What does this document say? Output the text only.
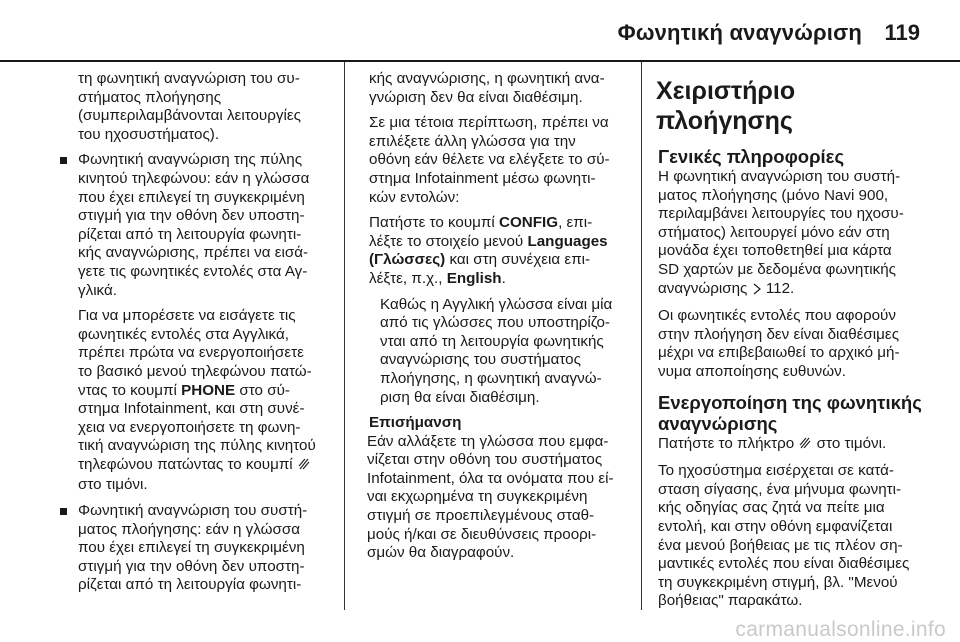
Φωνητική αναγνώριση 119

τη φωνητική αναγνώριση του συ-
στήματος πλοήγησης
(συμπεριλαμβάνονται λειτουργίες
του ηχοσυστήματος).

Φωνητική αναγνώριση της πύλης
κινητού τηλεφώνου: εάν η γλώσσα
που έχει επιλεγεί τη συγκεκριμένη
στιγμή για την οθόνη δεν υποστη-
ρίζεται από τη λειτουργία φωνητι-
κής αναγνώρισης, πρέπει να εισά-
γετε τις φωνητικές εντολές στα Αγ-
γλικά.

Για να μπορέσετε να εισάγετε τις
φωνητικές εντολές στα Αγγλικά,
πρέπει πρώτα να ενεργοποιήσετε
το βασικό μενού τηλεφώνου πατώ-
ντας το κουμπί PHONE στο σύ-
στημα Infotainment, και στη συνέ-
χεια να ενεργοποιήσετε τη φωνη-
τική αναγνώριση της πύλης κινητού
τηλεφώνου πατώντας το κουμπί
στο τιμόνι.

Φωνητική αναγνώριση του συστή-
ματος πλοήγησης: εάν η γλώσσα
που έχει επιλεγεί τη συγκεκριμένη
στιγμή για την οθόνη δεν υποστη-
ρίζεται από τη λειτουργία φωνητι-

κής αναγνώρισης, η φωνητική ανα-
γνώριση δεν θα είναι διαθέσιμη.

Σε μια τέτοια περίπτωση, πρέπει να
επιλέξετε άλλη γλώσσα για την
οθόνη εάν θέλετε να ελέγξετε το σύ-
στημα Infotainment μέσω φωνητι-
κών εντολών:

Πατήστε το κουμπί CONFIG, επι-
λέξτε το στοιχείο μενού Languages
(Γλώσσες) και στη συνέχεια επι-
λέξτε, π.χ., English.

Καθώς η Αγγλική γλώσσα είναι μία
από τις γλώσσες που υποστηρίζο-
νται από τη λειτουργία φωνητικής
αναγνώρισης του συστήματος
πλοήγησης, η φωνητική αναγνώ-
ριση θα είναι διαθέσιμη.

Επισήμανση

Εάν αλλάξετε τη γλώσσα που εμφα-
νίζεται στην οθόνη του συστήματος
Infotainment, όλα τα ονόματα που εί-
ναι εκχωρημένα τη συγκεκριμένη
στιγμή σε προεπιλεγμένους σταθ-
μούς ή/και σε διευθύνσεις προορι-
σμών θα διαγραφούν.

Χειριστήριο πλοήγησης
Γενικές πληροφορίες

Η φωνητική αναγνώριση του συστή-
ματος πλοήγησης (μόνο Navi 900,
περιλαμβάνει λειτουργίες του ηχοσυ-
στήματος) λειτουργεί μόνο εάν στη
μονάδα έχει τοποθετηθεί μια κάρτα
SD χαρτών με δεδομένα φωνητικής
αναγνώρισης  112.

Οι φωνητικές εντολές που αφορούν
στην πλοήγηση δεν είναι διαθέσιμες
μέχρι να επιβεβαιωθεί το αρχικό μή-
νυμα αποποίησης ευθυνών.

Ενεργοποίηση της φωνητικής
αναγνώρισης

Πατήστε το πλήκτρο  στο τιμόνι.

Το ηχοσύστημα εισέρχεται σε κατά-
σταση σίγασης, ένα μήνυμα φωνητι-
κής οδηγίας σας ζητά να πείτε μια
εντολή, και στην οθόνη εμφανίζεται
ένα μενού βοήθειας με τις πλέον ση-
μαντικές εντολές που είναι διαθέσιμες
τη συγκεκριμένη στιγμή, βλ. "Μενού
βοήθειας" παρακάτω.

carmanualsonline.info
